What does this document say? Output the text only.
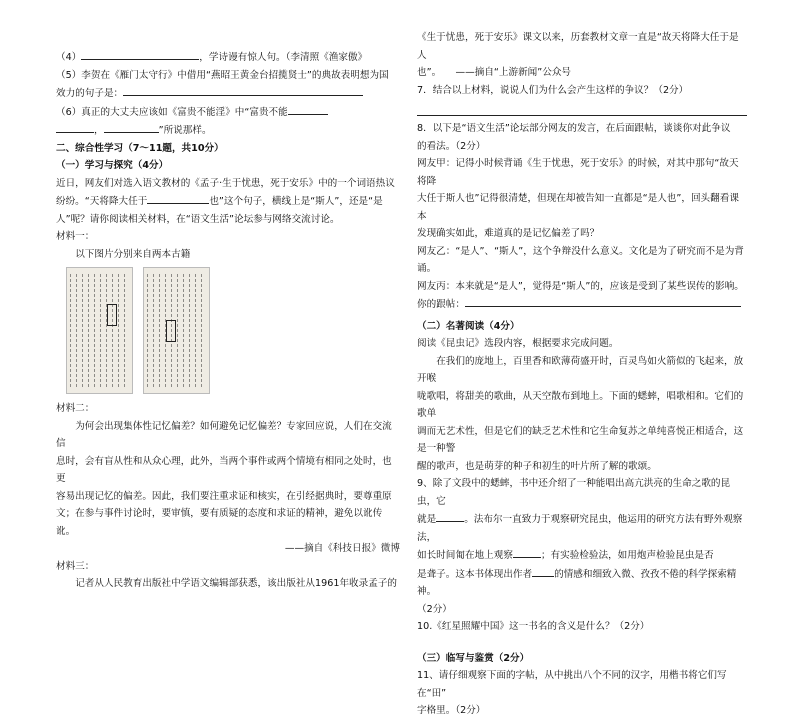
（4）	，学诗谩有惊人句。（李清照《渔家傲》

（5）李贺在《雁门太守行》中借用“燕昭王黄金台招揽贤士”的典故表明想为国

效力的句子是：

（6）真正的大丈夫应该如《富贵不能淫》中“富贵不能

，	”所说那样。

二、综合性学习（7～11题，共10分）

（一）学习与探究（4分）

近日，网友们对选入语文教材的《孟子·生于忧患，死于安乐》中的一个词语热议

纷纷。“天将降大任于	也”这个句子，横线上是“斯人”，还是“是

人”呢？请你阅读相关材料，在“语文生活”论坛参与网络交流讨论。

材料一：

以下图片分别来自两本古籍

材料二：

为何会出现集体性记忆偏差？如何避免记忆偏差？专家回应说，人们在交流信

息时，会有盲从性和从众心理，此外，当两个事件或两个情境有相同之处时，也更

容易出现记忆的偏差。因此，我们要注重求证和核实，在引经据典时，要尊重原

文；在参与事件讨论时，要审慎，要有质疑的态度和求证的精神，避免以讹传讹。

——摘自《科技日报》微博

材料三：

记者从人民教育出版社中学语文编辑部获悉，该出版社从1961年收录孟子的

《生于忧患，死于安乐》课文以来，历套教材文章一直是“故天将降大任于是人

也”。　　——摘自“上游新闻”公众号

7．结合以上材料，说说人们为什么会产生这样的争议？（2分）

8．以下是“语文生活”论坛部分网友的发言，在后面跟帖，谈谈你对此争议

的看法。（2分）

网友甲：记得小时候背诵《生于忧患，死于安乐》的时候，对其中那句“故天将降

大任于斯人也”记得很清楚，但现在却被告知一直都是“是人也”，回头翻看课本

发现确实如此，难道真的是记忆偏差了吗？

网友乙：“是人”、“斯人”，这个争辩没什么意义。文化是为了研究而不是为背诵。

网友丙：本来就是“是人”，觉得是“斯人”的，应该是受到了某些误传的影响。

你的跟帖：

（二）名著阅读（4分）

阅读《昆虫记》选段内容，根据要求完成问题。

在我们的庞地上，百里香和欧薄荷盛开时，百灵鸟如火箭似的飞起来，放开喉

咙歌唱，将甜美的歌曲，从天空散布到地上。下面的蟋蟀，唱歌相和。它们的歌单

调而无艺术性，但是它们的缺乏艺术性和它生命复苏之单纯喜悦正相适合，这是一种警

醒的歌声，也是萌芽的种子和初生的叶片所了解的歌颂。

9、除了文段中的蟋蟀，书中还介绍了一种能唱出高亢洪亮的生命之歌的昆虫，它

就是	。法布尔一直致力于观察研究昆虫，他运用的研究方法有野外观察法，

如长时间匍在地上观察	；有实验检验法，如用炮声检验昆虫是否

是聋子。这本书体现出作者 的情感和细致入微、孜孜不倦的科学探索精神。

（2分）

10.《红星照耀中国》这一书名的含义是什么？（2分）

（三）临写与鉴赏（2分）

11、请仔细观察下面的字帖，从中挑出八个不同的汉字，用楷书将它们写在“田”

字格里。（2分）
